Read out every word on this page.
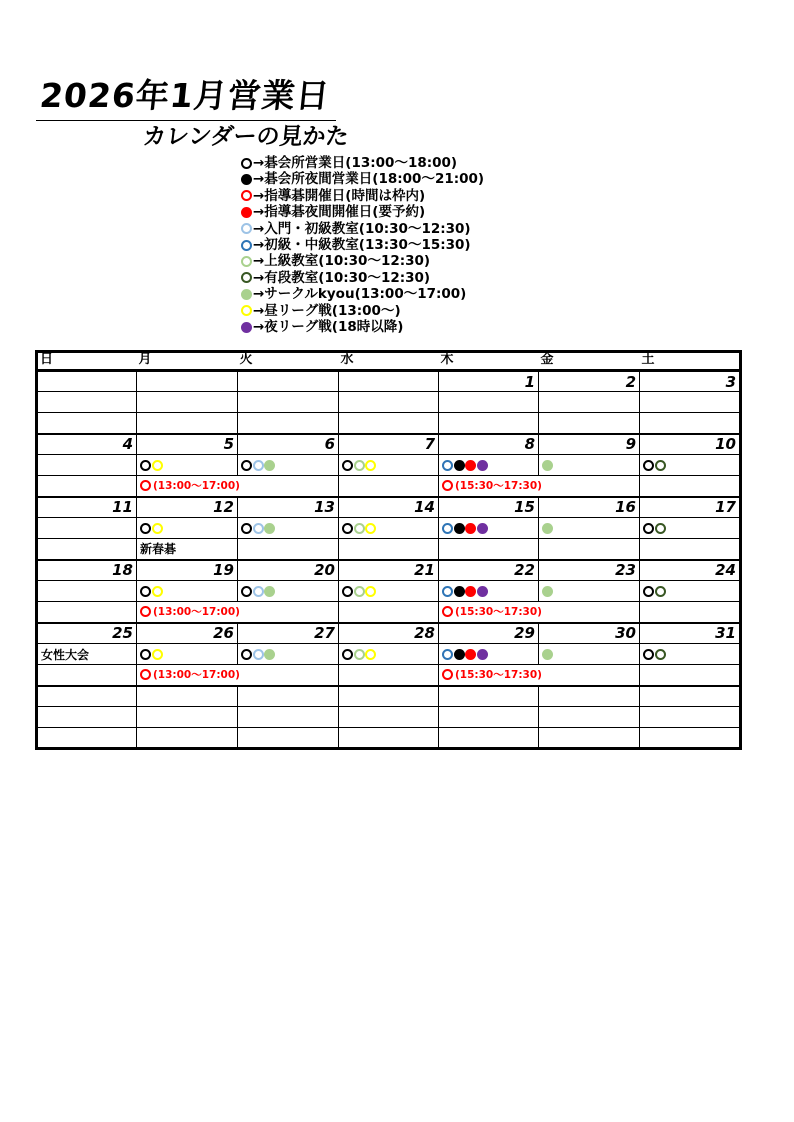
2026年1月営業日
カレンダーの見かた
→碁会所営業日(13:00～18:00)
→碁会所夜間営業日(18:00～21:00)
→指導碁開催日(時間は枠内)
→指導碁夜間開催日(要予約)
→入門・初級教室(10:30～12:30)
→初級・中級教室(13:30～15:30)
→上級教室(10:30～12:30)
→有段教室(10:30～12:30)
→サークルkyou(13:00～17:00)
→昼リーグ戦(13:00～)
→夜リーグ戦(18時以降)
日	月	火	水	木	金	土
				1	2	3

4	5	6	7	8	9	10

	(13:00～17:00)			(15:30～17:30)		

11	12	13	14	15	16	17

	新春碁					
18	19	20	21	22	23	24

	(13:00～17:00)			(15:30～17:30)		

25	26	27	28	29	30	31

女性大会						

	(13:00～17:00)			(15:30～17:30)		
